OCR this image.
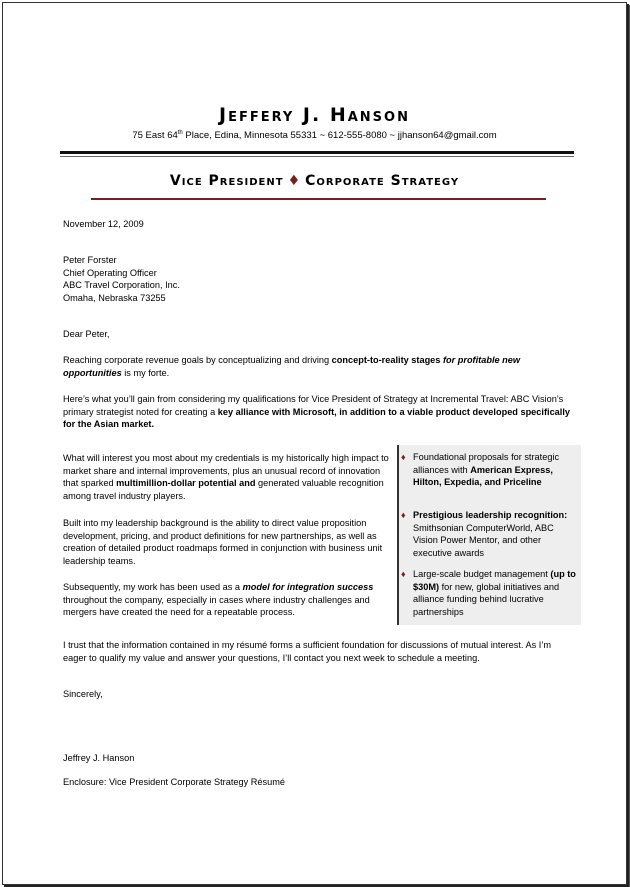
Jeffery J. Hanson
75 East 64th Place, Edina, Minnesota 55331 ~ 612-555-8080 ~ jjhanson64@gmail.com
Vice President ♦ Corporate Strategy
November 12, 2009
Peter Forster
Chief Operating Officer
ABC Travel Corporation, Inc.
Omaha, Nebraska 73255
Dear Peter,
Reaching corporate revenue goals by conceptualizing and driving concept-to-reality stages for profitable new opportunities is my forte.
Here’s what you’ll gain from considering my qualifications for Vice President of Strategy at Incremental Travel: ABC Vision’s primary strategist noted for creating a key alliance with Microsoft, in addition to a viable product developed specifically for the Asian market.
What will interest you most about my credentials is my historically high impact to market share and internal improvements, plus an unusual record of innovation that sparked multimillion-dollar potential and generated valuable recognition among travel industry players.
Built into my leadership background is the ability to direct value proposition development, pricing, and product definitions for new partnerships, as well as creation of detailed product roadmaps formed in conjunction with business unit leadership teams.
Subsequently, my work has been used as a model for integration success throughout the company, especially in cases where industry challenges and mergers have created the need for a repeatable process.
♦ Foundational proposals for strategic alliances with American Express, Hilton, Expedia, and Priceline
♦ Prestigious leadership recognition: Smithsonian ComputerWorld, ABC Vision Power Mentor, and other executive awards
♦ Large-scale budget management (up to $30M) for new, global initiatives and alliance funding behind lucrative partnerships
I trust that the information contained in my résumé forms a sufficient foundation for discussions of mutual interest. As I’m eager to qualify my value and answer your questions, I’ll contact you next week to schedule a meeting.
Sincerely,
Jeffrey J. Hanson
Enclosure: Vice President Corporate Strategy Résumé
